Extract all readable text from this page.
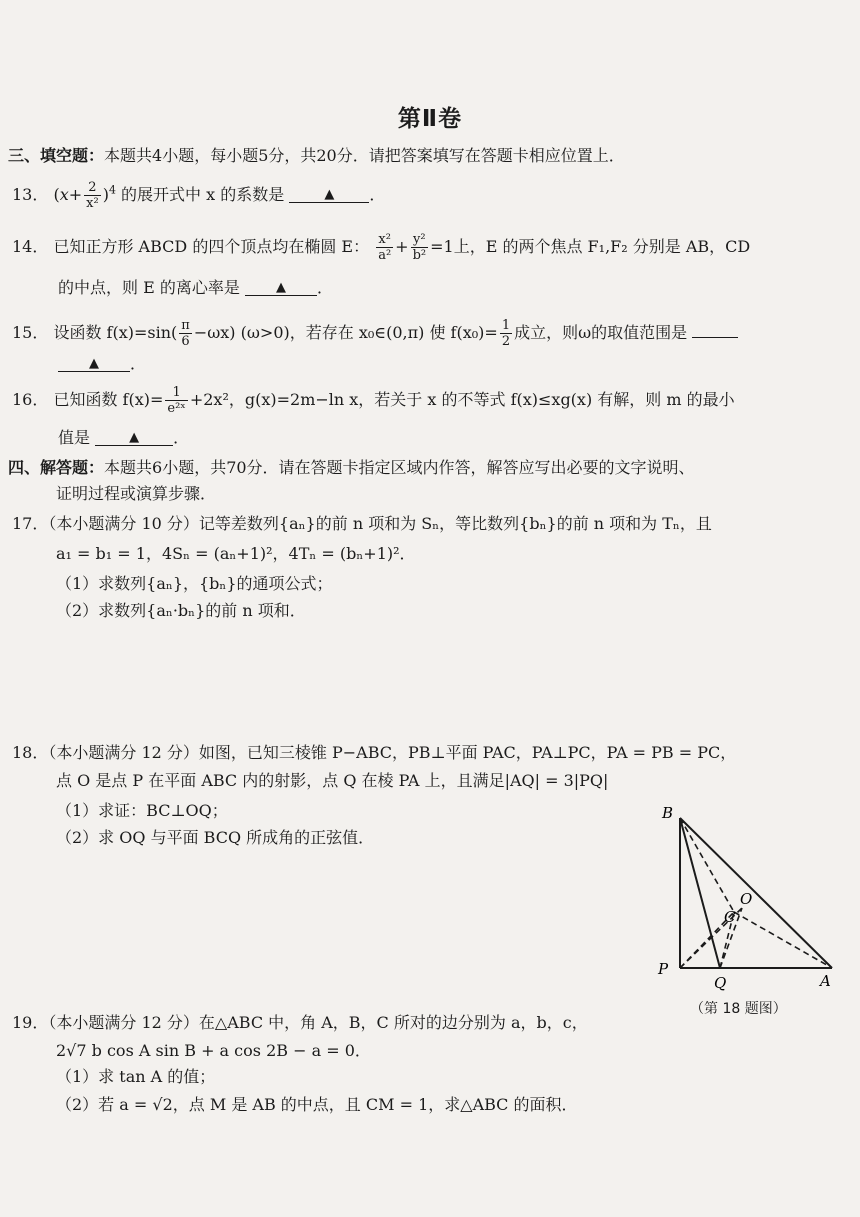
第Ⅱ卷
三、填空题：本题共4小题，每小题5分，共20分．请把答案填写在答题卡相应位置上．
13． $(x+ \frac{2}{\text{x²}} )^4$ 的展开式中 x 的系数是	▲ ．
14． 已知正方形 ABCD 的四个顶点均在椭圆 E： $\frac{\text{x²}}{\text{a²}} + \frac{\text{y²}}{\text{b²}} =1$上，E 的两个焦点 F₁,F₂ 分别是 AB，CD
的中点，则 E 的离心率是	▲ ．
15． 设函数 $f(x)=\sin( \frac{\pi}{6} -\omega x)$ (ω>0)，若存在 x₀∈(0,π) 使 $f(x_0)= \frac{1}{2}$ 成立，则ω的取值范围是
▲ ．
16． 已知函数 $f(x)= \frac{1}{\text{e²ˣ}} +2x^2$，g(x)=2m−ln x，若关于 x 的不等式 f(x)≤xg(x) 有解，则 m 的最小
值是	▲ ．
四、解答题：本题共6小题，共70分．请在答题卡指定区域内作答，解答应写出必要的文字说明、
证明过程或演算步骤．
17．（本小题满分 10 分）记等差数列{aₙ}的前 n 项和为 Sₙ，等比数列{bₙ}的前 n 项和为 Tₙ，且
a₁ = b₁ = 1，4Sₙ = (aₙ+1)²，4Tₙ = (bₙ+1)²．
（1）求数列{aₙ}，{bₙ}的通项公式；
（2）求数列{aₙ·bₙ}的前 n 项和．
18．（本小题满分 12 分）如图，已知三棱锥 P−ABC，PB⊥平面 PAC，PA⊥PC，PA = PB = PC，
点 O 是点 P 在平面 ABC 内的射影，点 Q 在棱 PA 上，且满足|AQ| = 3|PQ|
（1）求证：BC⊥OQ；
（2）求 OQ 与平面 BCQ 所成角的正弦值．
B
O
C
P
Q	A
（第 18 题图）
19．（本小题满分 12 分）在△ABC 中，角 A，B，C 所对的边分别为 a，b，c，
2√7 b cos A sin B + a cos 2B − a = 0．
（1）求 tan A 的值；
（2）若 a = √2，点 M 是 AB 的中点，且 CM = 1，求△ABC 的面积．
